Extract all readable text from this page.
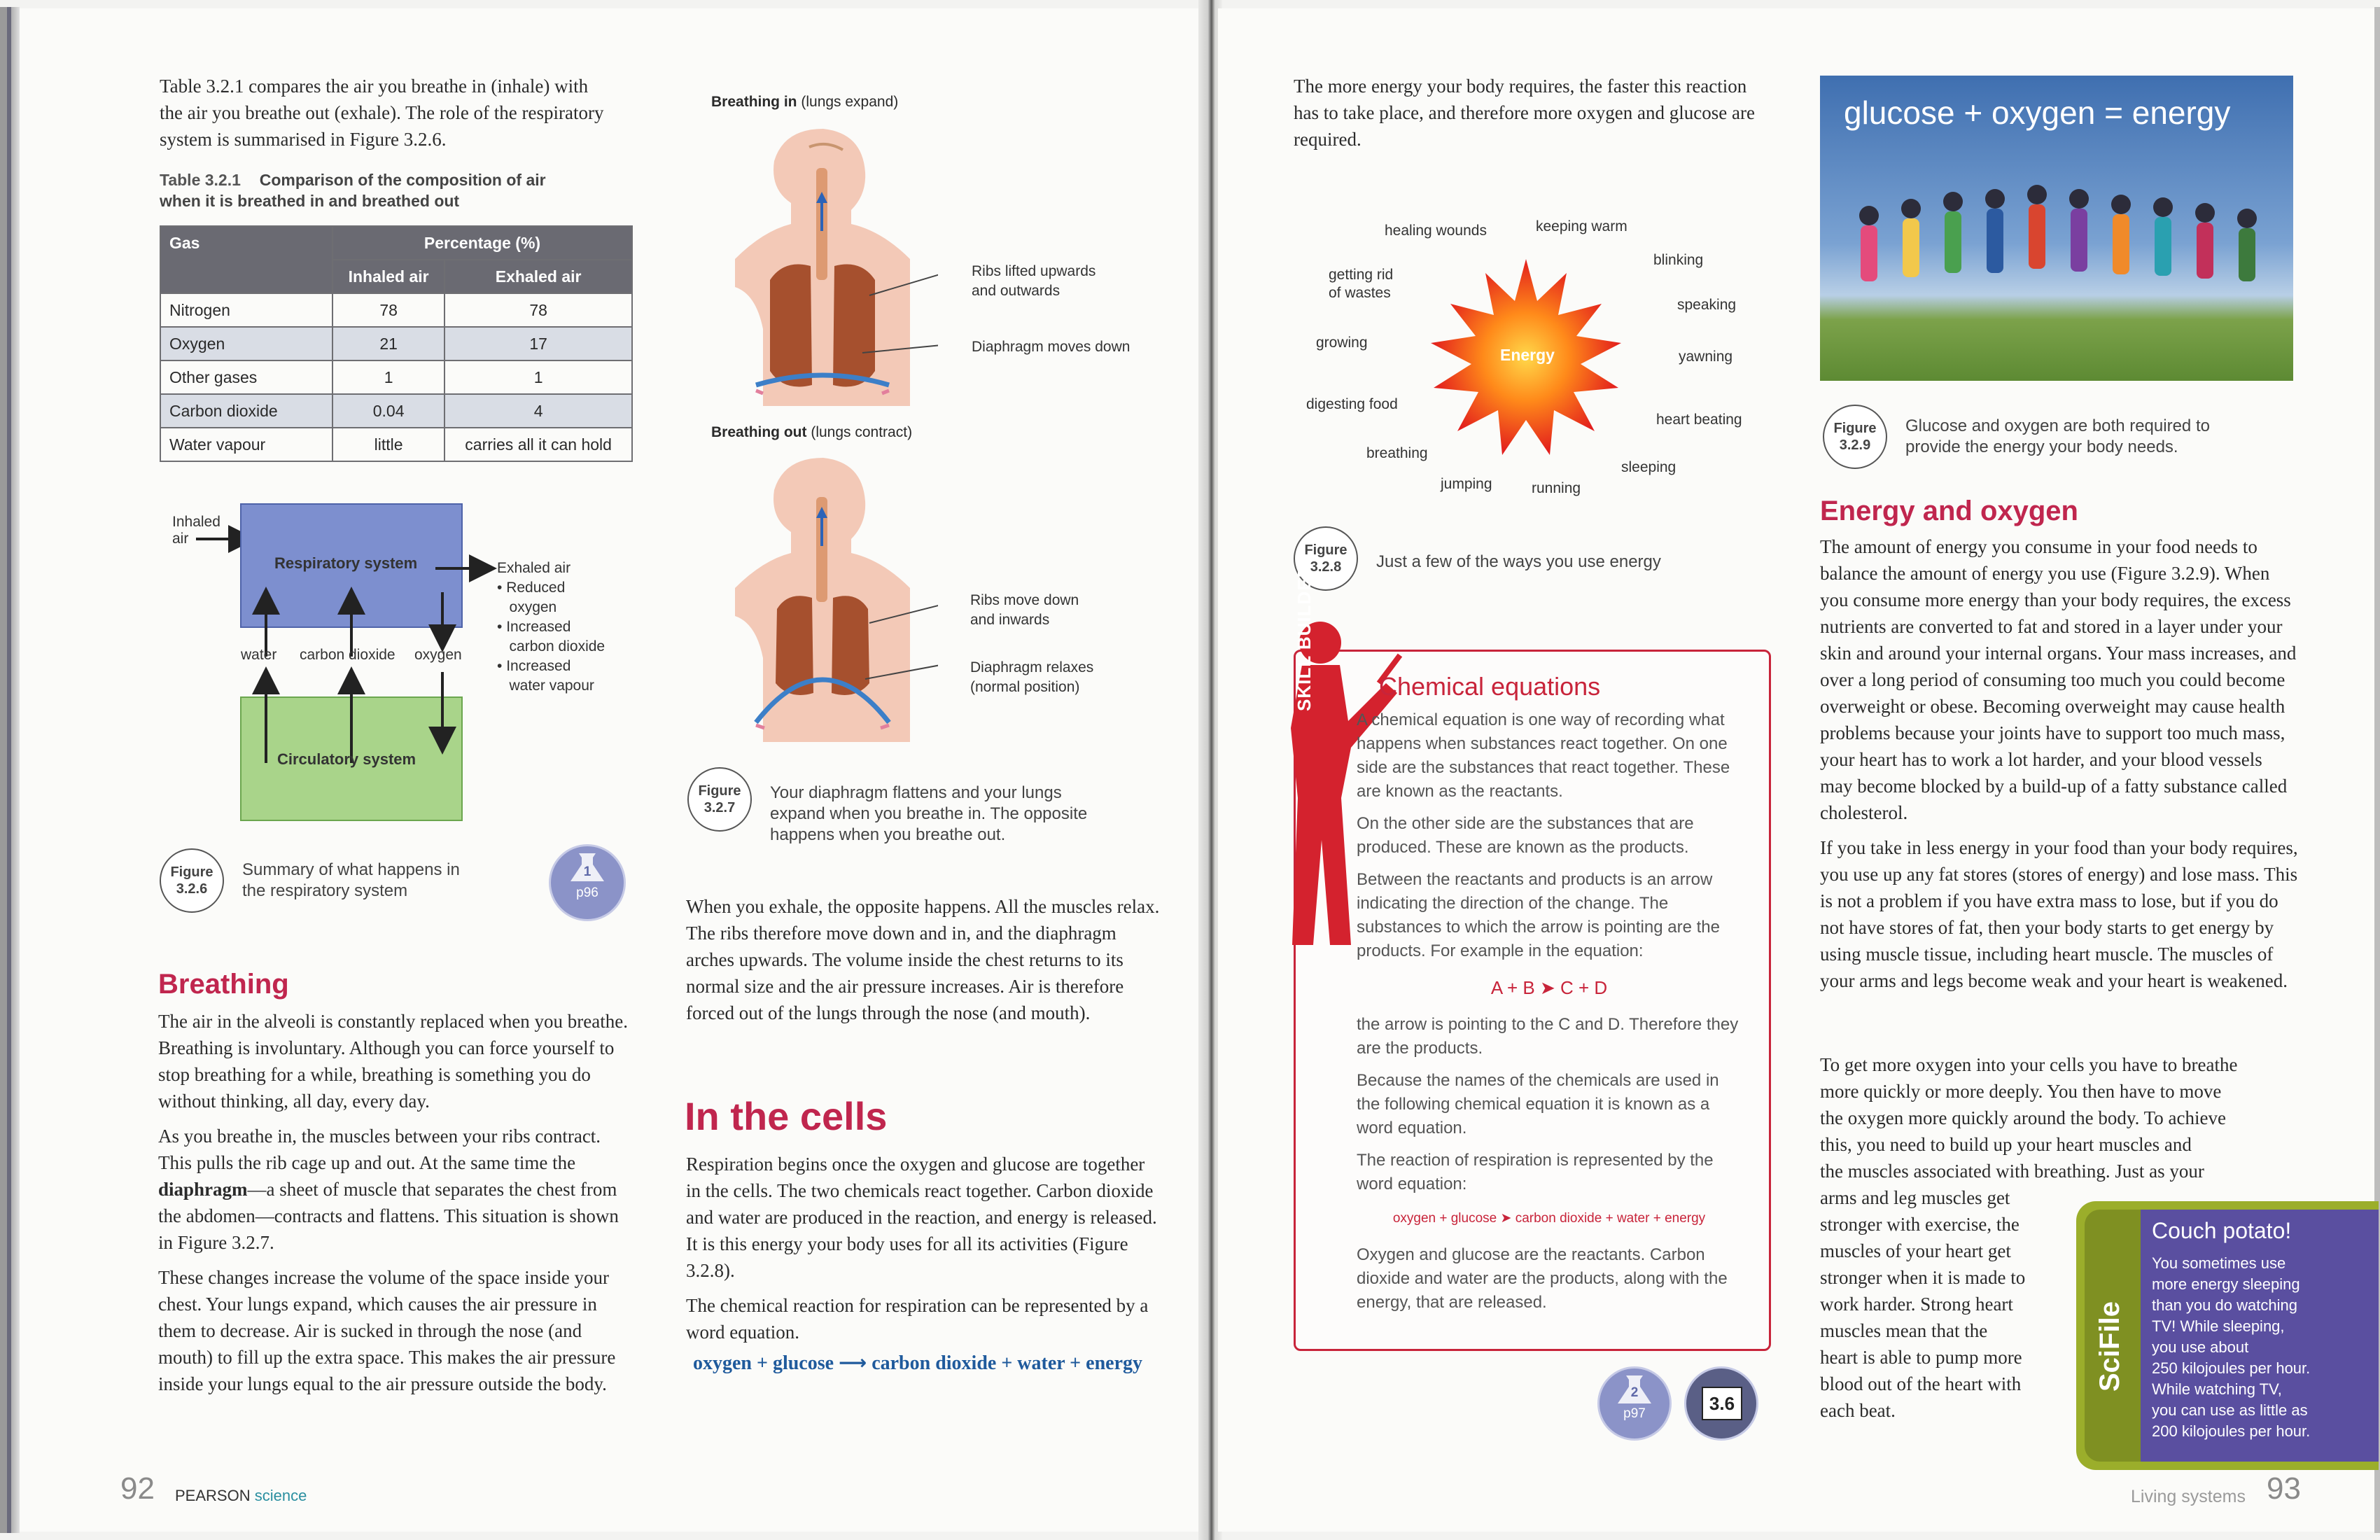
Table 3.2.1 compares the air you breathe in (inhale) with the air you breathe out (exhale). The role of the respiratory system is summarised in Figure 3.2.6.
Table 3.2.1 Comparison of the composition of air
when it is breathed in and breathed out
Gas	Percentage (%)	
	Inhaled air	Exhaled air
Nitrogen	78	78
Oxygen	21	17
Other gases	1	1
Carbon dioxide	0.04	4
Water vapour	little	carries all it can hold
Inhaled
air
Respiratory system
Circulatory system
water carbon dioxide oxygen
Exhaled air
• Reduced
oxygen
• Increased
carbon dioxide
• Increased
water vapour
Figure
3.2.6
Summary of what happens in
the respiratory system
1
p96
Breathing

The air in the alveoli is constantly replaced when you breathe. Breathing is involuntary. Although you can force yourself to stop breathing for a while, breathing is something you do without thinking, all day, every day.

As you breathe in, the muscles between your ribs contract. This pulls the rib cage up and out. At the same time the diaphragm—a sheet of muscle that separates the chest from the abdomen—contracts and flattens. This situation is shown in Figure 3.2.7.

These changes increase the volume of the space inside your chest. Your lungs expand, which causes the air pressure in them to decrease. Air is sucked in through the nose (and mouth) to fill up the extra space. This makes the air pressure inside your lungs equal to the air pressure outside the body.

Breathing in (lungs expand)
Ribs lifted upwards
and outwards
Diaphragm moves down
Breathing out (lungs contract)
Ribs move down
and inwards
Diaphragm relaxes
(normal position)
Figure
3.2.7
Your diaphragm flattens and your lungs
expand when you breathe in. The opposite
happens when you breathe out.
When you exhale, the opposite happens. All the muscles relax. The ribs therefore move down and in, and the diaphragm arches upwards. The volume inside the chest returns to its normal size and the air pressure increases. Air is therefore forced out of the lungs through the nose (and mouth).
In the cells

Respiration begins once the oxygen and glucose are together in the cells. The two chemicals react together. Carbon dioxide and water are produced in the reaction, and energy is released. It is this energy your body uses for all its activities (Figure 3.2.8).

The chemical reaction for respiration can be represented by a word equation.

oxygen + glucose ⟶ carbon dioxide + water + energy
92 PEARSON science
The more energy your body requires, the faster this reaction has to take place, and therefore more oxygen and glucose are required.
Energy
healing wounds	keeping warm
blinking
getting rid
of wastes
speaking
growing
yawning
digesting food
heart beating
breathing
sleeping
jumping	running
Figure
3.2.8	Just a few of the ways you use energy
SKILL BUILDER	Chemical equations

A chemical equation is one way of recording what happens when substances react together. On one side are the substances that react together. These are known as the reactants.

On the other side are the substances that are produced. These are known as the products.

Between the reactants and products is an arrow indicating the direction of the change. The substances to which the arrow is pointing are the products. For example in the equation:

A + B ➤ C + D

the arrow is pointing to the C and D. Therefore they are the products.

Because the names of the chemicals are used in the following chemical equation it is known as a word equation.

The reaction of respiration is represented by the word equation:

oxygen + glucose ➤ carbon dioxide + water + energy

Oxygen and glucose are the reactants. Carbon dioxide and water are the products, along with the energy, that are released.

2
p97	3.6
glucose + oxygen = energy
Figure
3.2.9
Glucose and oxygen are both required to
provide the energy your body needs.
Energy and oxygen

The amount of energy you consume in your food needs to balance the amount of energy you use (Figure 3.2.9). When you consume more energy than your body requires, the excess nutrients are converted to fat and stored in a layer under your skin and around your internal organs. Your mass increases, and over a long period of consuming too much you could become overweight or obese. Becoming overweight may cause health problems because your joints have to support too much mass, your heart has to work a lot harder, and your blood vessels may become blocked by a build-up of a fatty substance called cholesterol.

If you take in less energy in your food than your body requires, you use up any fat stores (stores of energy) and lose mass. This is not a problem if you have extra mass to lose, but if you do not have stores of fat, then your body starts to get energy by using muscle tissue, including heart muscle. The muscles of your arms and legs become weak and your heart is weakened.

To get more oxygen into your cells you have to breathe
more quickly or more deeply. You then have to move
the oxygen more quickly around the body. To achieve
this, you need to build up your heart muscles and
the muscles associated with breathing. Just as your
arms and leg muscles get
stronger with exercise, the
muscles of your heart get
stronger when it is made to
work harder. Strong heart
muscles mean that the
heart is able to pump more
blood out of the heart with
each beat.
SciFile
Couch potato!
You sometimes use
more energy sleeping
than you do watching
TV! While sleeping,
you use about
250 kilojoules per hour.
While watching TV,
you can use as little as
200 kilojoules per hour.
Living systems 93
